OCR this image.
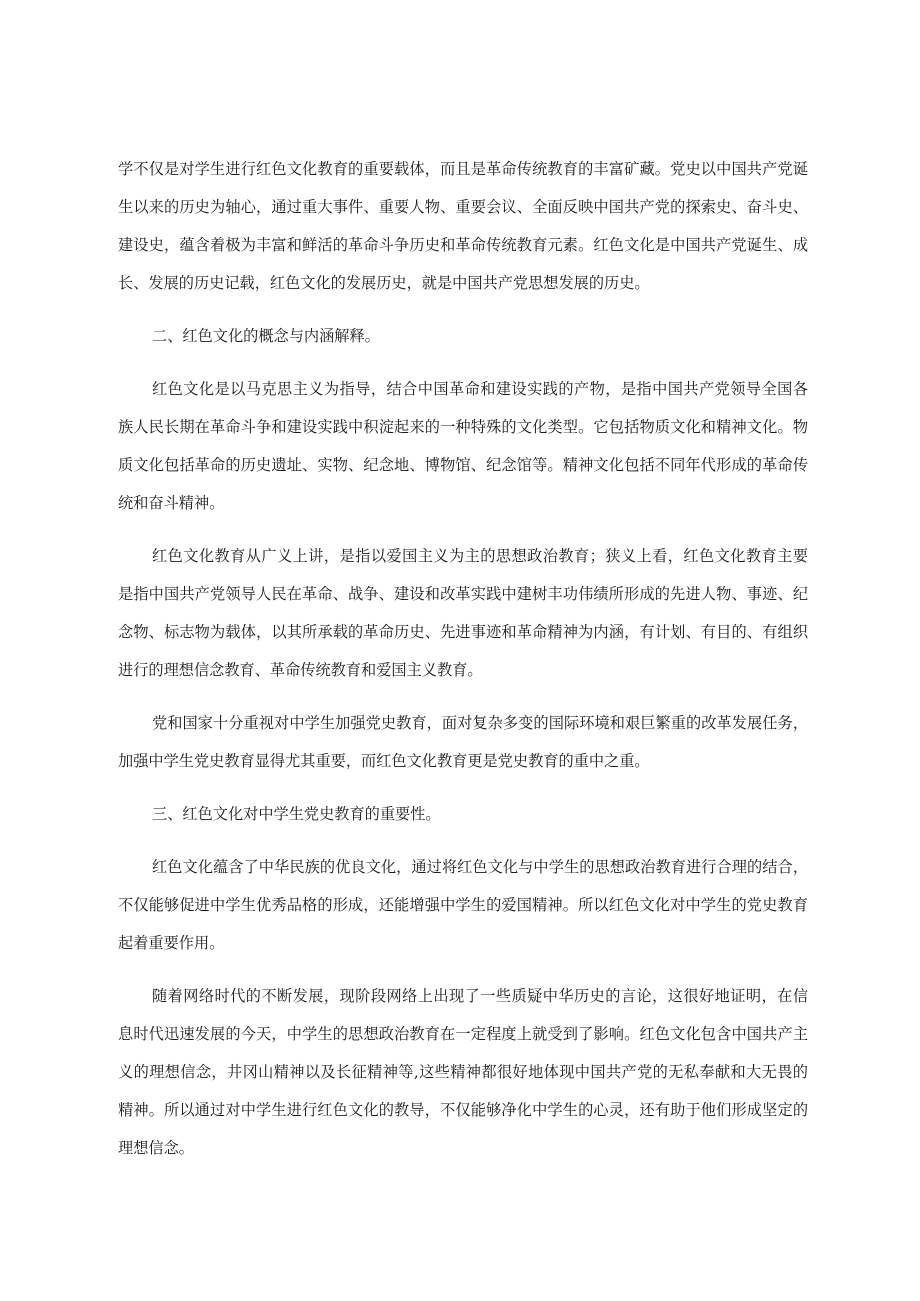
学不仅是对学生进行红色文化教育的重要载体，而且是革命传统教育的丰富矿藏。党史以中国共产党诞
生以来的历史为轴心，通过重大事件、重要人物、重要会议、全面反映中国共产党的探索史、奋斗史、
建设史，蕴含着极为丰富和鲜活的革命斗争历史和革命传统教育元素。红色文化是中国共产党诞生、成
长、发展的历史记载，红色文化的发展历史，就是中国共产党思想发展的历史。
二、红色文化的概念与内涵解释。
红色文化是以马克思主义为指导，结合中国革命和建设实践的产物，是指中国共产党领导全国各
族人民长期在革命斗争和建设实践中积淀起来的一种特殊的文化类型。它包括物质文化和精神文化。物
质文化包括革命的历史遗址、实物、纪念地、博物馆、纪念馆等。精神文化包括不同年代形成的革命传
统和奋斗精神。
红色文化教育从广义上讲，是指以爱国主义为主的思想政治教育；狭义上看，红色文化教育主要
是指中国共产党领导人民在革命、战争、建设和改革实践中建树丰功伟绩所形成的先进人物、事迹、纪
念物、标志物为载体，以其所承载的革命历史、先进事迹和革命精神为内涵，有计划、有目的、有组织
进行的理想信念教育、革命传统教育和爱国主义教育。
党和国家十分重视对中学生加强党史教育，面对复杂多变的国际环境和艰巨繁重的改革发展任务，
加强中学生党史教育显得尤其重要，而红色文化教育更是党史教育的重中之重。
三、红色文化对中学生党史教育的重要性。
红色文化蕴含了中华民族的优良文化，通过将红色文化与中学生的思想政治教育进行合理的结合，
不仅能够促进中学生优秀品格的形成，还能增强中学生的爱国精神。所以红色文化对中学生的党史教育
起着重要作用。
随着网络时代的不断发展，现阶段网络上出现了一些质疑中华历史的言论，这很好地证明，在信
息时代迅速发展的今天，中学生的思想政治教育在一定程度上就受到了影响。红色文化包含中国共产主
义的理想信念，井冈山精神以及长征精神等,这些精神都很好地体现中国共产党的无私奉献和大无畏的
精神。所以通过对中学生进行红色文化的教导，不仅能够净化中学生的心灵，还有助于他们形成坚定的
理想信念。
